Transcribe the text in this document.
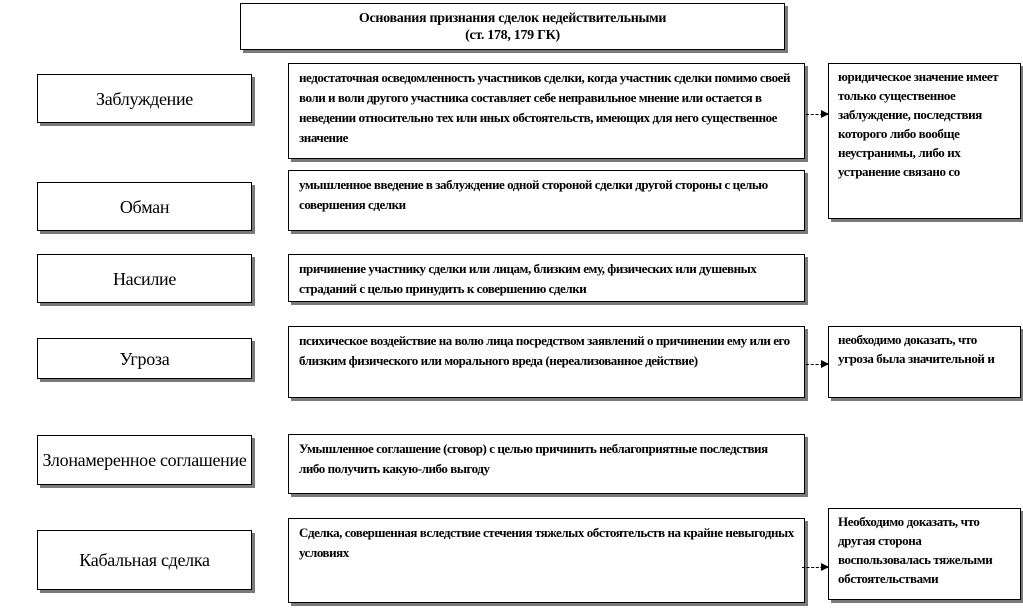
Основания признания сделок недействительными
(ст. 178, 179 ГК)
Заблуждение
недостаточная осведомленность участников сделки, когда участник сделки помимо своей воли и воли другого участника составляет себе неправильное мнение или остается в неведении относительно тех или иных обстоятельств, имеющих для него существенное значение
Обман
умышленное введение в заблуждение одной стороной сделки другой стороны с целью совершения сделки
Насилие	причинение участнику сделки или лицам, близким ему, физических или душевных страданий с целью принудить к совершению сделки
Угроза
психическое воздействие на волю лица посредством заявлений о причинении ему или его близким физического или морального вреда (нереализованное действие)
Злонамеренное соглашение
Умышленное соглашение (сговор) с целью причинить неблагоприятные последствия либо получить какую-либо выгоду
Кабальная сделка
Сделка, совершенная вследствие стечения тяжелых обстоятельств на крайне невыгодных условиях
юридическое значение имеет только существенное заблуждение, последствия которого либо вообще неустранимы, либо их устранение связано со
необходимо доказать, что угроза была значительной и
Необходимо доказать, что другая сторона воспользовалась тяжелыми обстоятельствами
